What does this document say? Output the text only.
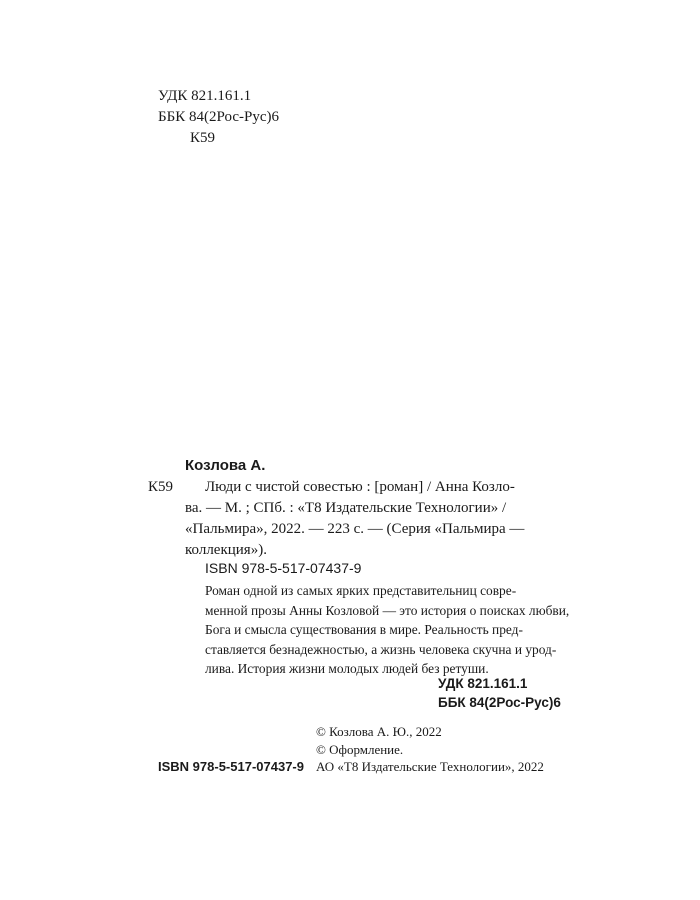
УДК 821.161.1
ББК 84(2Рос-Рус)6
К59
Козлова А.
К59	Люди с чистой совестью : [роман] / Анна Козло-
ва. — М. ; СПб. : «Т8 Издательские Технологии» /
«Пальмира», 2022. — 223 с. — (Серия «Пальмира —
коллекция»).
ISBN 978-5-517-07437-9
Роман одной из самых ярких представительниц совре-
менной прозы Анны Козловой — это история о поисках любви,
Бога и смысла существования в мире. Реальность пред-
ставляется безнадежностью, а жизнь человека скучна и урод-
лива. История жизни молодых людей без ретуши.
УДК 821.161.1
ББК 84(2Рос-Рус)6
© Козлова А. Ю., 2022
© Оформление.
АО «Т8 Издательские Технологии», 2022
ISBN 978-5-517-07437-9
